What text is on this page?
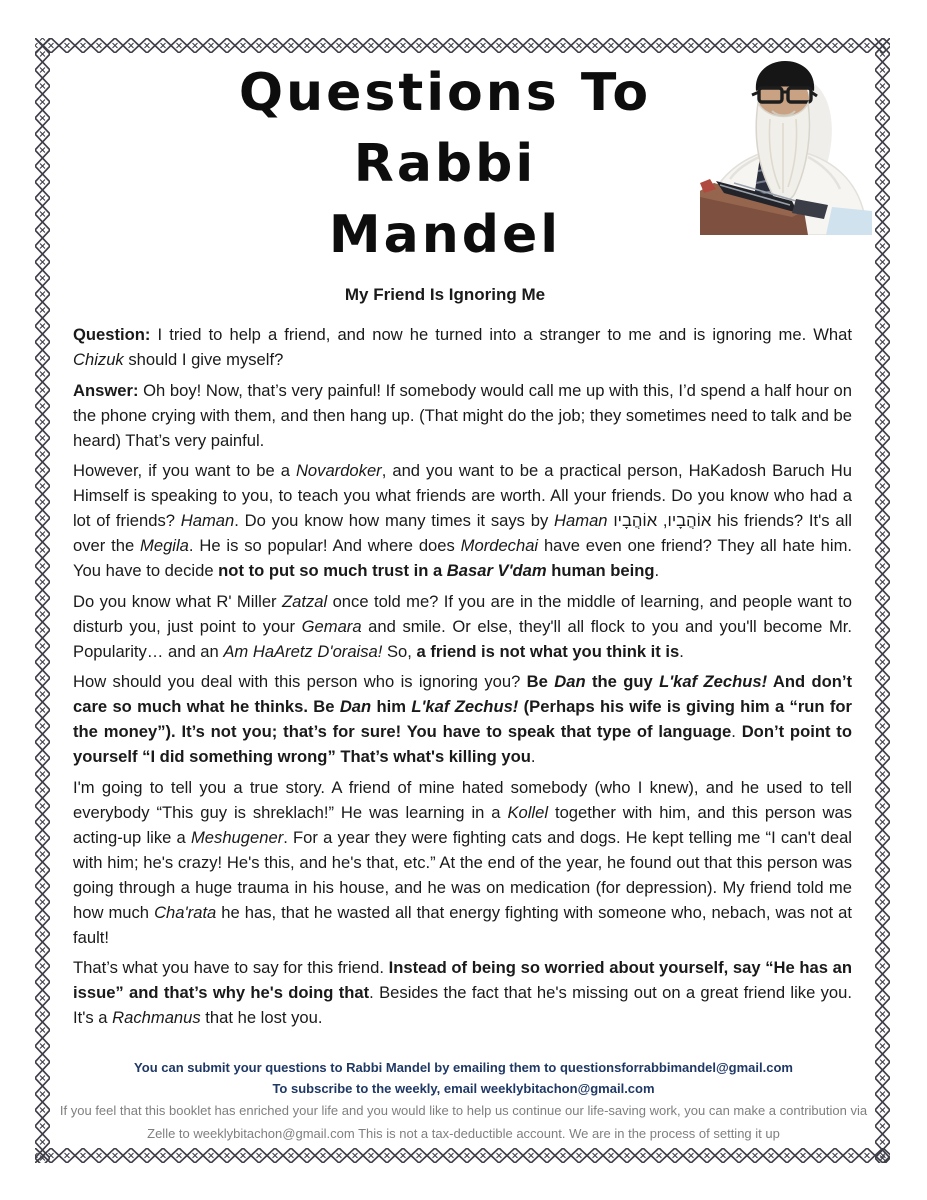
Questions To
Rabbi
Mandel
My Friend Is Ignoring Me

Question: I tried to help a friend, and now he turned into a stranger to me and is ignoring me. What Chizuk should I give myself?

Answer: Oh boy! Now, that’s very painful! If somebody would call me up with this, I’d spend a half hour on the phone crying with them, and then hang up. (That might do the job; they sometimes need to talk and be heard) That’s very painful.

However, if you want to be a Novardoker, and you want to be a practical person, HaKadosh Baruch Hu Himself is speaking to you, to teach you what friends are worth. All your friends. Do you know who had a lot of friends? Haman. Do you know how many times it says by Haman אוֹהֲבָיו, אוֹהֲבָיו his friends? It's all over the Megila. He is so popular! And where does Mordechai have even one friend? They all hate him. You have to decide not to put so much trust in a Basar V'dam human being.

Do you know what R' Miller Zatzal once told me? If you are in the middle of learning, and people want to disturb you, just point to your Gemara and smile. Or else, they'll all flock to you and you'll become Mr. Popularity… and an Am HaAretz D'oraisa! So, a friend is not what you think it is.

How should you deal with this person who is ignoring you? Be Dan the guy L'kaf Zechus! And don’t care so much what he thinks. Be Dan him L'kaf Zechus! (Perhaps his wife is giving him a “run for the money”). It’s not you; that’s for sure! You have to speak that type of language. Don’t point to yourself “I did something wrong” That’s what's killing you.

I'm going to tell you a true story. A friend of mine hated somebody (who I knew), and he used to tell everybody “This guy is shreklach!” He was learning in a Kollel together with him, and this person was acting-up like a Meshugener. For a year they were fighting cats and dogs. He kept telling me “I can't deal with him; he's crazy! He's this, and he's that, etc.” At the end of the year, he found out that this person was going through a huge trauma in his house, and he was on medication (for depression). My friend told me how much Cha'rata he has, that he wasted all that energy fighting with someone who, nebach, was not at fault!

That’s what you have to say for this friend. Instead of being so worried about yourself, say “He has an issue” and that’s why he's doing that. Besides the fact that he's missing out on a great friend like you. It's a Rachmanus that he lost you.

You can submit your questions to Rabbi Mandel by emailing them to questionsforrabbimandel@gmail.com
To subscribe to the weekly, email weeklybitachon@gmail.com
If you feel that this booklet has enriched your life and you would like to help us continue our life-saving work, you can make a contribution via
Zelle to weeklybitachon@gmail.com This is not a tax-deductible account. We are in the process of setting it up
